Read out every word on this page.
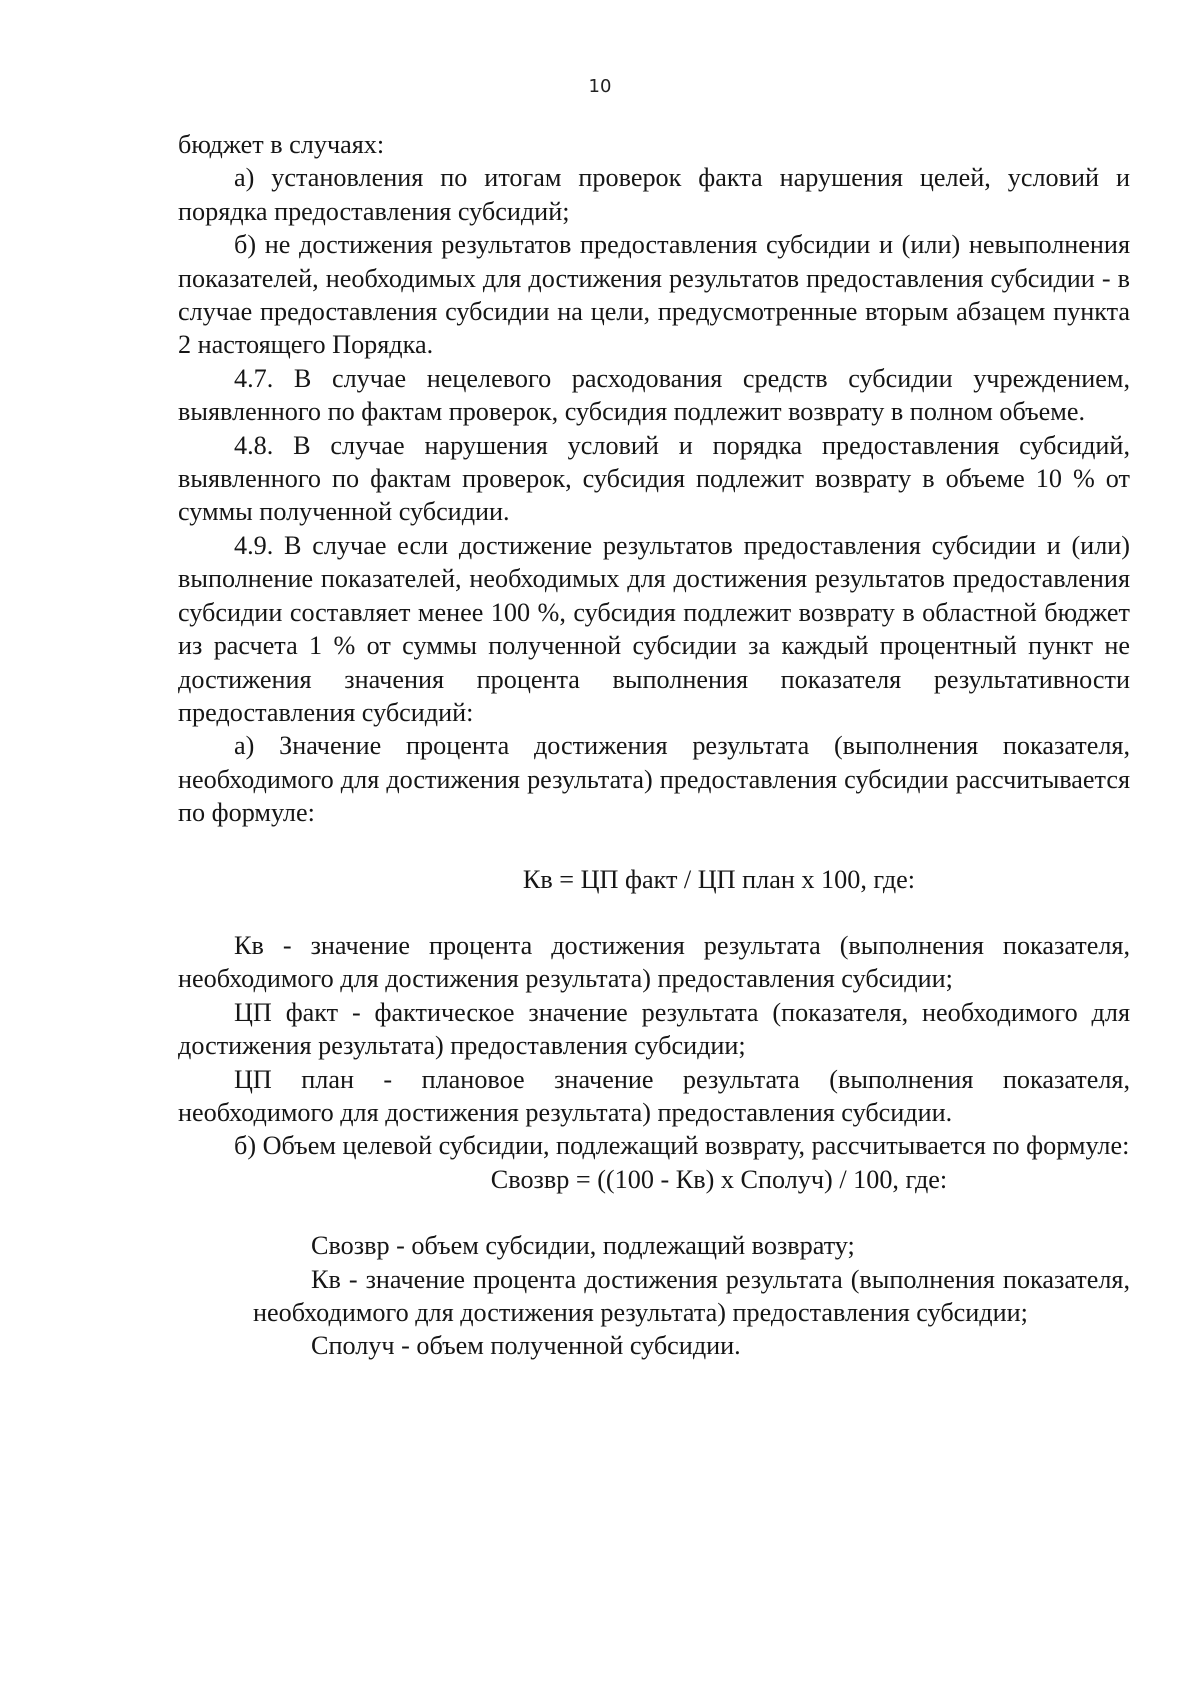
10

бюджет в случаях:

а) установления по итогам проверок факта нарушения целей, условий и порядка предоставления субсидий;

б) не достижения результатов предоставления субсидии и (или) невыполнения показателей, необходимых для достижения результатов предоставления субсидии - в случае предоставления субсидии на цели, предусмотренные вторым абзацем пункта 2 настоящего Порядка.

4.7. В случае нецелевого расходования средств субсидии учреждением, выявленного по фактам проверок, субсидия подлежит возврату в полном объеме.

4.8. В случае нарушения условий и порядка предоставления субсидий, выявленного по фактам проверок, субсидия подлежит возврату в объеме 10 % от суммы полученной субсидии.

4.9. В случае если достижение результатов предоставления субсидии и (или) выполнение показателей, необходимых для достижения результатов предоставления субсидии составляет менее 100 %, субсидия подлежит возврату в областной бюджет из расчета 1 % от суммы полученной субсидии за каждый процентный пункт не достижения значения процента выполнения показателя результативности предоставления субсидий:

а) Значение процента достижения результата (выполнения показателя, необходимого для достижения результата) предоставления субсидии рассчитывается по формуле:

Кв = ЦП факт / ЦП план х 100, где:

Кв - значение процента достижения результата (выполнения показателя, необходимого для достижения результата) предоставления субсидии;

ЦП факт - фактическое значение результата (показателя, необходимого для достижения результата) предоставления субсидии;

ЦП план - плановое значение результата (выполнения показателя, необходимого для достижения результата) предоставления субсидии.

б) Объем целевой субсидии, подлежащий возврату, рассчитывается по формуле:

Свозвр = ((100 - Кв) х Сполуч) / 100, где:

Свозвр - объем субсидии, подлежащий возврату;

Кв - значение процента достижения результата (выполнения показателя, необходимого для достижения результата) предоставления субсидии;

Сполуч - объем полученной субсидии.
